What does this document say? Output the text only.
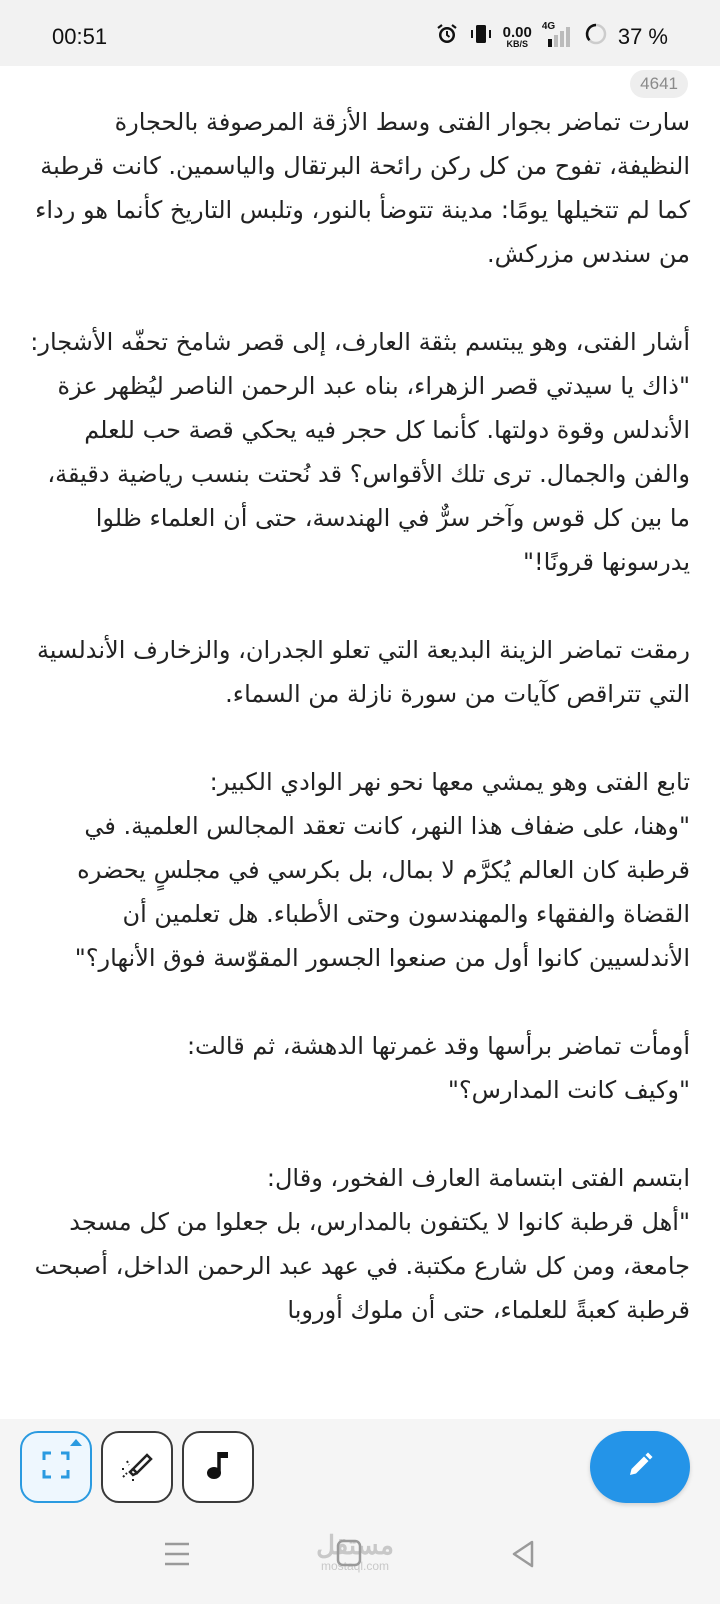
00:51	0.00
KB/S
4G	37 %
4641

سارت تماضر بجوار الفتى وسط الأزقة المرصوفة بالحجارة النظيفة، تفوح من كل ركن رائحة البرتقال والياسمين. كانت قرطبة كما لم تتخيلها يومًا: مدينة تتوضأ بالنور، وتلبس التاريخ كأنما هو رداء من سندس مزركش.

أشار الفتى، وهو يبتسم بثقة العارف، إلى قصر شامخ تحفّه الأشجار:
"ذاك يا سيدتي قصر الزهراء، بناه عبد الرحمن الناصر ليُظهر عزة الأندلس وقوة دولتها. كأنما كل حجر فيه يحكي قصة حب للعلم والفن والجمال. ترى تلك الأقواس؟ قد نُحتت بنسب رياضية دقيقة، ما بين كل قوس وآخر سرٌّ في الهندسة، حتى أن العلماء ظلوا يدرسونها قرونًا!"

رمقت تماضر الزينة البديعة التي تعلو الجدران، والزخارف الأندلسية التي تتراقص كآيات من سورة نازلة من السماء.

تابع الفتى وهو يمشي معها نحو نهر الوادي الكبير:
"وهنا، على ضفاف هذا النهر، كانت تعقد المجالس العلمية. في قرطبة كان العالم يُكرَّم لا بمال، بل بكرسي في مجلسٍ يحضره القضاة والفقهاء والمهندسون وحتى الأطباء. هل تعلمين أن الأندلسيين كانوا أول من صنعوا الجسور المقوّسة فوق الأنهار؟"

أومأت تماضر برأسها وقد غمرتها الدهشة، ثم قالت:
"وكيف كانت المدارس؟"

ابتسم الفتى ابتسامة العارف الفخور، وقال:
"أهل قرطبة كانوا لا يكتفون بالمدارس، بل جعلوا من كل مسجد جامعة، ومن كل شارع مكتبة. في عهد عبد الرحمن الداخل، أصبحت قرطبة كعبةً للعلماء، حتى أن ملوك أوروبا

مستقل
mostaql.com
